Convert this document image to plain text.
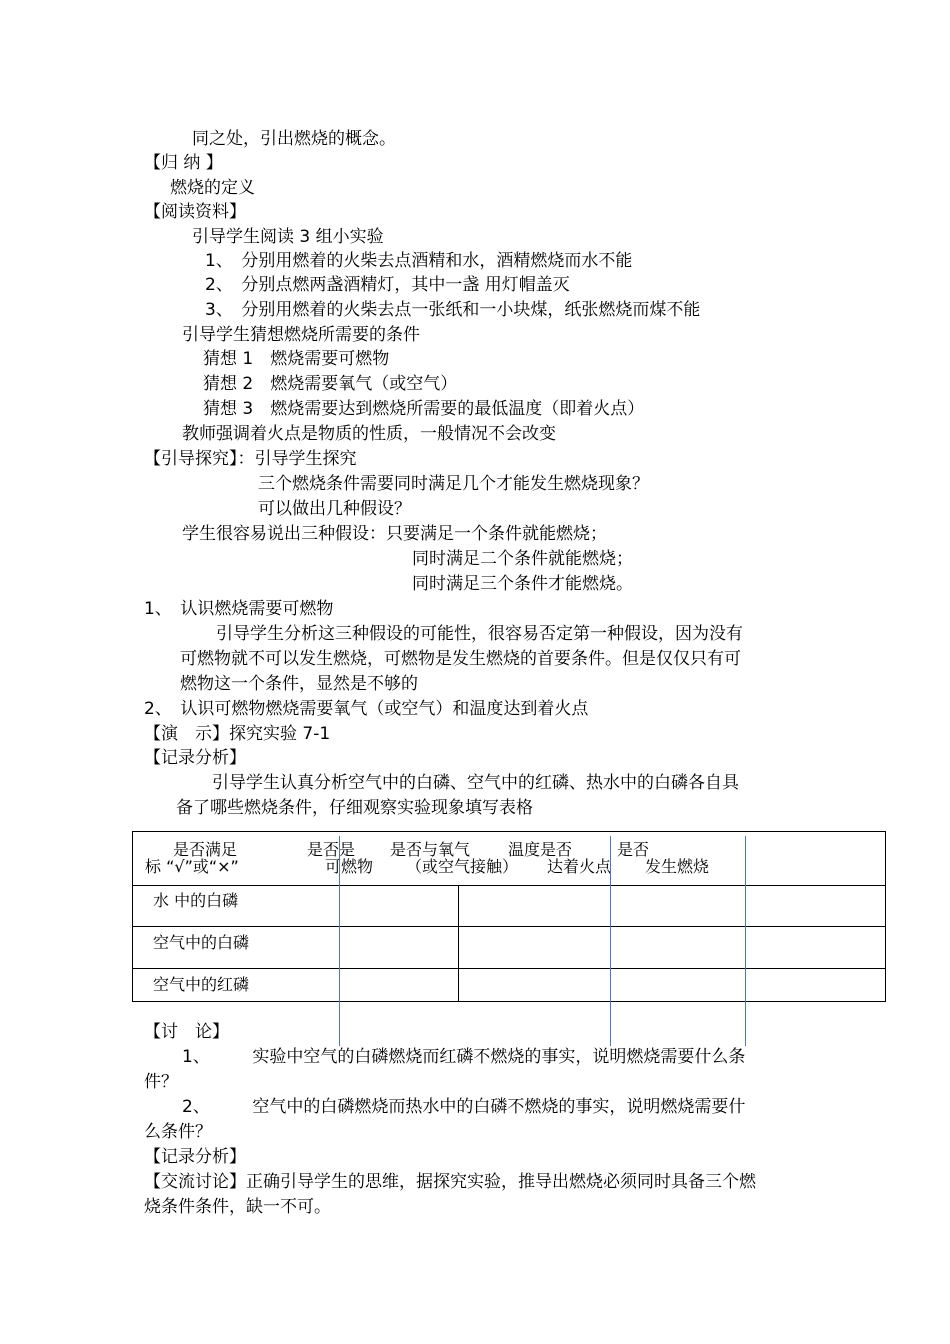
同之处，引出燃烧的概念。
【归 纳 】
燃烧的定义
【阅读资料】
引导学生阅读 3 组小实验
1、　分别用燃着的火柴去点酒精和水，酒精燃烧而水不能
2、　分别点燃两盏酒精灯，其中一盏 用灯帽盖灭
3、　分别用燃着的火柴去点一张纸和一小块煤，纸张燃烧而煤不能
引导学生猜想燃烧所需要的条件
猜想 1　燃烧需要可燃物
猜想 2　燃烧需要氧气（或空气）
猜想 3　燃烧需要达到燃烧所需要的最低温度（即着火点）
教师强调着火点是物质的性质，一般情况不会改变
【引导探究】：引导学生探究
三个燃烧条件需要同时满足几个才能发生燃烧现象？
可以做出几种假设？
学生很容易说出三种假设：只要满足一个条件就能燃烧；
同时满足二个条件就能燃烧；
同时满足三个条件才能燃烧。
1、　认识燃烧需要可燃物
引导学生分析这三种假设的可能性，很容易否定第一种假设，因为没有
可燃物就不可以发生燃烧，可燃物是发生燃烧的首要条件。但是仅仅只有可
燃物这一个条件，显然是不够的
2、　认识可燃物燃烧需要氧气（或空气）和温度达到着火点
【演　示】探究实验 7-1
【记录分析】
引导学生认真分析空气中的白磷、空气中的红磷、热水中的白磷各自具
备了哪些燃烧条件，仔细观察实验现象填写表格
是否满足	是否是 是否与氧气 温度是否	是否
标 “√”或“×”	可燃物 （或空气接触） 达着火点 发生燃烧
水 中的白磷
空气中的白磷
空气中的红磷
【讨　论】
1、　　　实验中空气的白磷燃烧而红磷不燃烧的事实，说明燃烧需要什么条
件？
2、　　　空气中的白磷燃烧而热水中的白磷不燃烧的事实，说明燃烧需要什
么条件？
【记录分析】
【交流讨论】正确引导学生的思维，据探究实验，推导出燃烧必须同时具备三个燃
烧条件条件，缺一不可。
